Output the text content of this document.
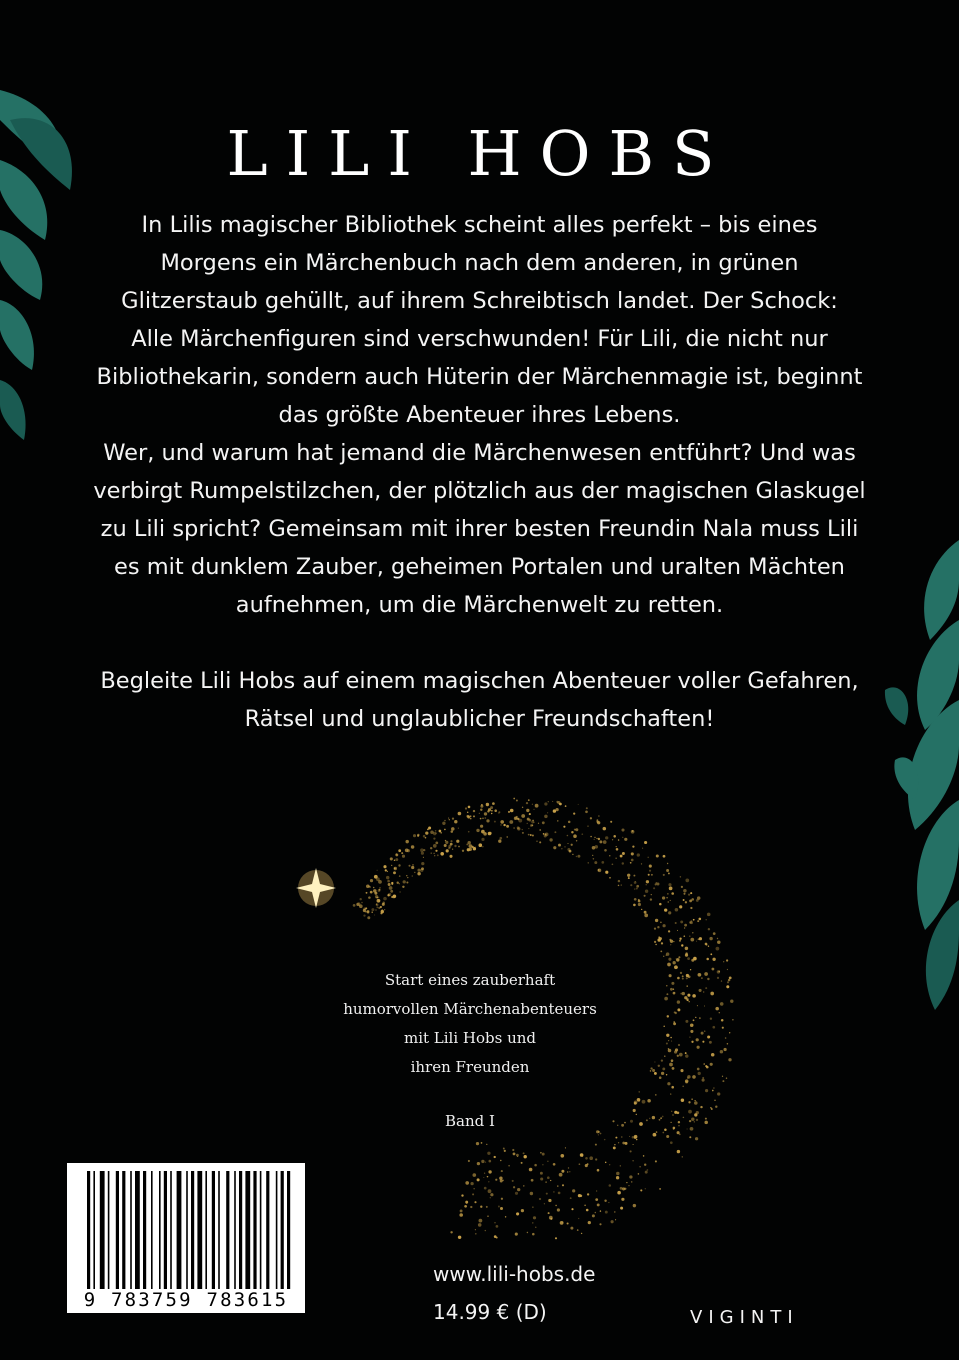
LILI HOBS

In Lilis magischer Bibliothek scheint alles perfekt – bis eines

Morgens ein Märchenbuch nach dem anderen, in grünen

Glitzerstaub gehüllt, auf ihrem Schreibtisch landet. Der Schock:

Alle Märchenfiguren sind verschwunden! Für Lili, die nicht nur

Bibliothekarin, sondern auch Hüterin der Märchenmagie ist, beginnt

das größte Abenteuer ihres Lebens.

Wer, und warum hat jemand die Märchenwesen entführt? Und was

verbirgt Rumpelstilzchen, der plötzlich aus der magischen Glaskugel

zu Lili spricht? Gemeinsam mit ihrer besten Freundin Nala muss Lili

es mit dunklem Zauber, geheimen Portalen und uralten Mächten

aufnehmen, um die Märchenwelt zu retten.

Begleite Lili Hobs auf einem magischen Abenteuer voller Gefahren,

Rätsel und unglaublicher Freundschaften!

Start eines zauberhaft

humorvollen Märchenabenteuers

mit Lili Hobs und

ihren Freunden

Band I
9 783759 783615
www.lili-hobs.de
14.99 € (D)	VIGINTI
